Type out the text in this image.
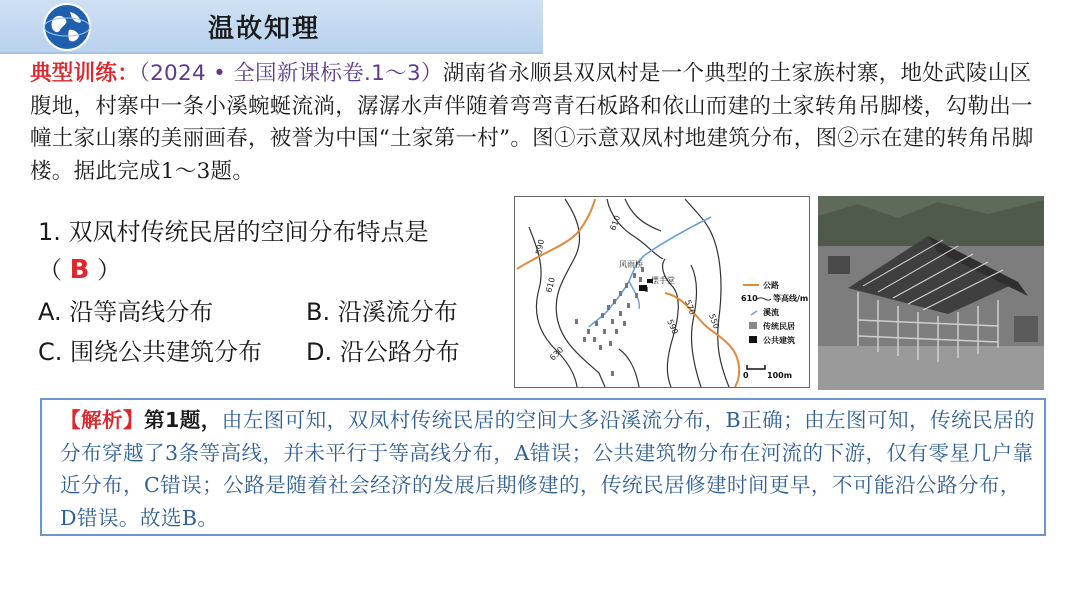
温故知理
典型训练：（2024 • 全国新课标卷.1～3）湖南省永顺县双凤村是一个典型的土家族村寨，地处武陵山区腹地，村寨中一条小溪蜿蜒流淌，潺潺水声伴随着弯弯青石板路和依山而建的土家转角吊脚楼，勾勒出一幢土家山寨的美丽画春，被誉为中国“土家第一村”。图①示意双凤村地建筑分布，图②示在建的转角吊脚楼。据此完成1～3题。
1. 双凤村传统民居的空间分布特点是
（ B ）
A. 沿等高线分布	B. 沿溪流分布
C. 围绕公共建筑分布	D. 沿公路分布
610
590
610
590
570
550
630
风雨桥
摆手堂
公路
610 等高线/m
溪流
传统民居
公共建筑
0 100m
【解析】第1题，由左图可知，双凤村传统民居的空间大多沿溪流分布，B正确；由左图可知，传统民居的分布穿越了3条等高线，并未平行于等高线分布，A错误；公共建筑物分布在河流的下游，仅有零星几户靠近分布，C错误；公路是随着社会经济的发展后期修建的，传统民居修建时间更早，不可能沿公路分布，D错误。故选B。
